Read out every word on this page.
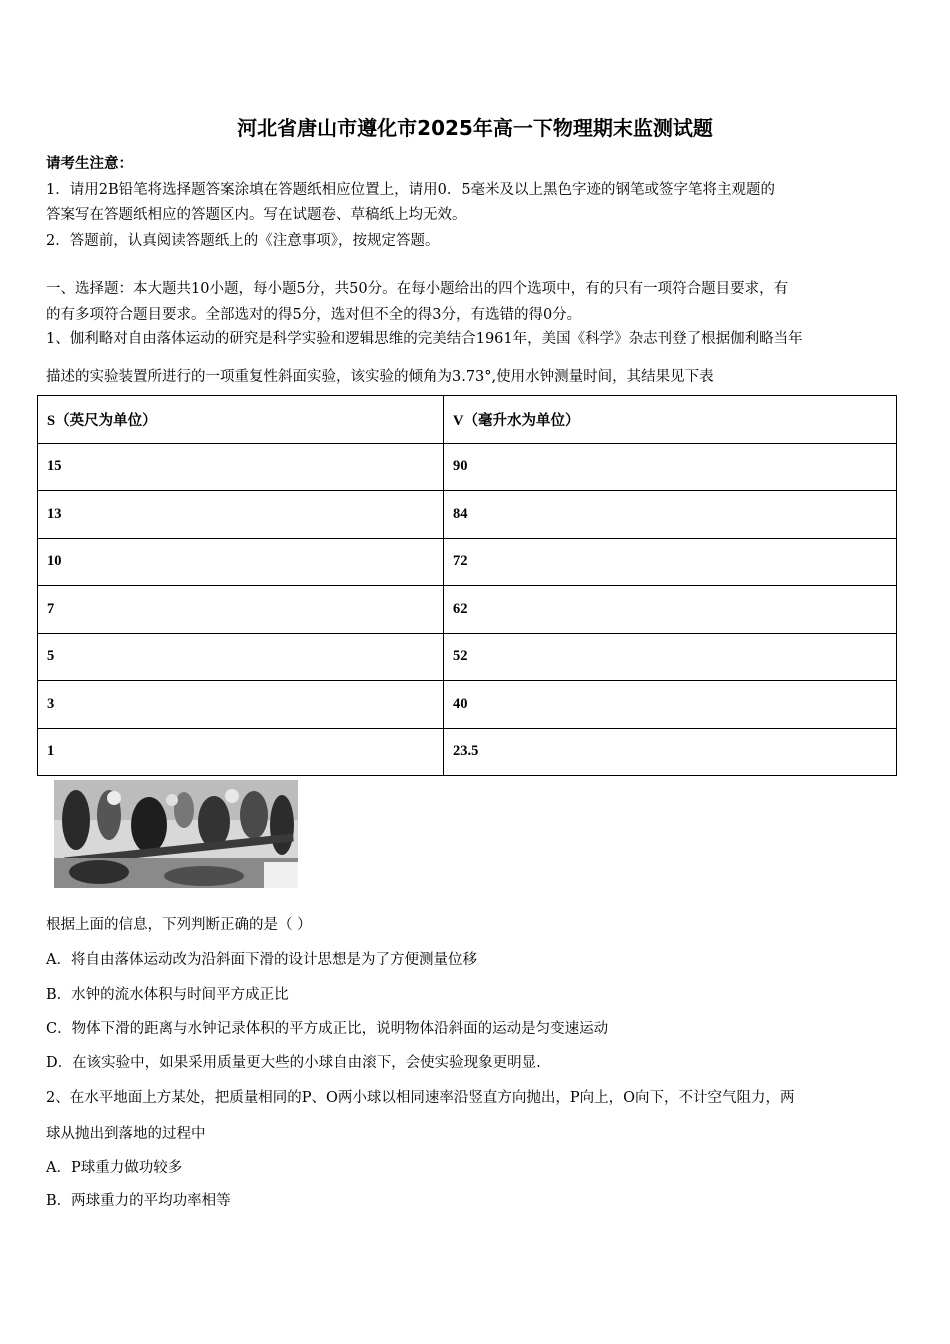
河北省唐山市遵化市2025年高一下物理期末监测试题
请考生注意：
1．请用2B铅笔将选择题答案涂填在答题纸相应位置上，请用0．5毫米及以上黑色字迹的钢笔或签字笔将主观题的
答案写在答题纸相应的答题区内。写在试题卷、草稿纸上均无效。
2．答题前，认真阅读答题纸上的《注意事项》，按规定答题。
一、选择题：本大题共10小题，每小题5分，共50分。在每小题给出的四个选项中，有的只有一项符合题目要求，有
的有多项符合题目要求。全部选对的得5分，选对但不全的得3分，有选错的得0分。
1、伽利略对自由落体运动的研究是科学实验和逻辑思维的完美结合1961年，美国《科学》杂志刊登了根据伽利略当年
描述的实验装置所进行的一项重复性斜面实验，该实验的倾角为3.73°,使用水钟测量时间，其结果见下表
S（英尺为单位）	V（毫升水为单位）
15	90
13	84
10	72
7	62
5	52
3	40
1	23.5
根据上面的信息，下列判断正确的是（ ）
A．将自由落体运动改为沿斜面下滑的设计思想是为了方便测量位移
B．水钟的流水体积与时间平方成正比
C．物体下滑的距离与水钟记录体积的平方成正比，说明物体沿斜面的运动是匀变速运动
D．在该实验中，如果采用质量更大些的小球自由滚下，会使实验现象更明显.
2、在水平地面上方某处，把质量相同的P、O两小球以相同速率沿竖直方向抛出，P向上，O向下，不计空气阻力，两
球从抛出到落地的过程中
A．P球重力做功较多
B．两球重力的平均功率相等
